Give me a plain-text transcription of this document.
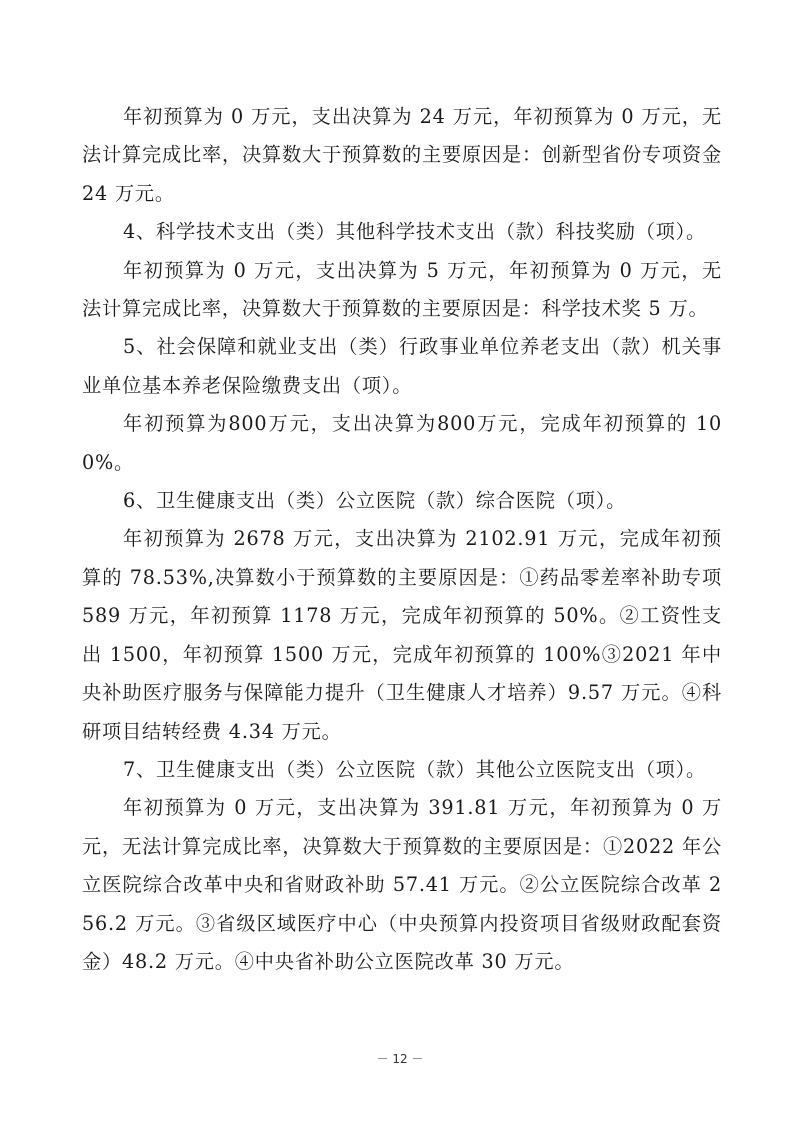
年初预算为 0 万元，支出决算为 24 万元，年初预算为 0 万元，无法计算完成比率，决算数大于预算数的主要原因是：创新型省份专项资金 24 万元。

4、科学技术支出（类）其他科学技术支出（款）科技奖励（项）。

年初预算为 0 万元，支出决算为 5 万元，年初预算为 0 万元，无法计算完成比率，决算数大于预算数的主要原因是：科学技术奖 5 万。

5、社会保障和就业支出（类）行政事业单位养老支出（款）机关事业单位基本养老保险缴费支出（项）。

年初预算为800万元，支出决算为800万元，完成年初预算的 100%。

6、卫生健康支出（类）公立医院（款）综合医院（项）。

年初预算为 2678 万元，支出决算为 2102.91 万元，完成年初预算的 78.53%,决算数小于预算数的主要原因是：①药品零差率补助专项 589 万元，年初预算 1178 万元，完成年初预算的 50%。②工资性支出 1500，年初预算 1500 万元，完成年初预算的 100%③2021 年中央补助医疗服务与保障能力提升（卫生健康人才培养）9.57 万元。④科研项目结转经费 4.34 万元。

7、卫生健康支出（类）公立医院（款）其他公立医院支出（项）。

年初预算为 0 万元，支出决算为 391.81 万元，年初预算为 0 万元，无法计算完成比率，决算数大于预算数的主要原因是：①2022 年公立医院综合改革中央和省财政补助 57.41 万元。②公立医院综合改革 256.2 万元。③省级区域医疗中心（中央预算内投资项目省级财政配套资金）48.2 万元。④中央省补助公立医院改革 30 万元。

－ 12 －
